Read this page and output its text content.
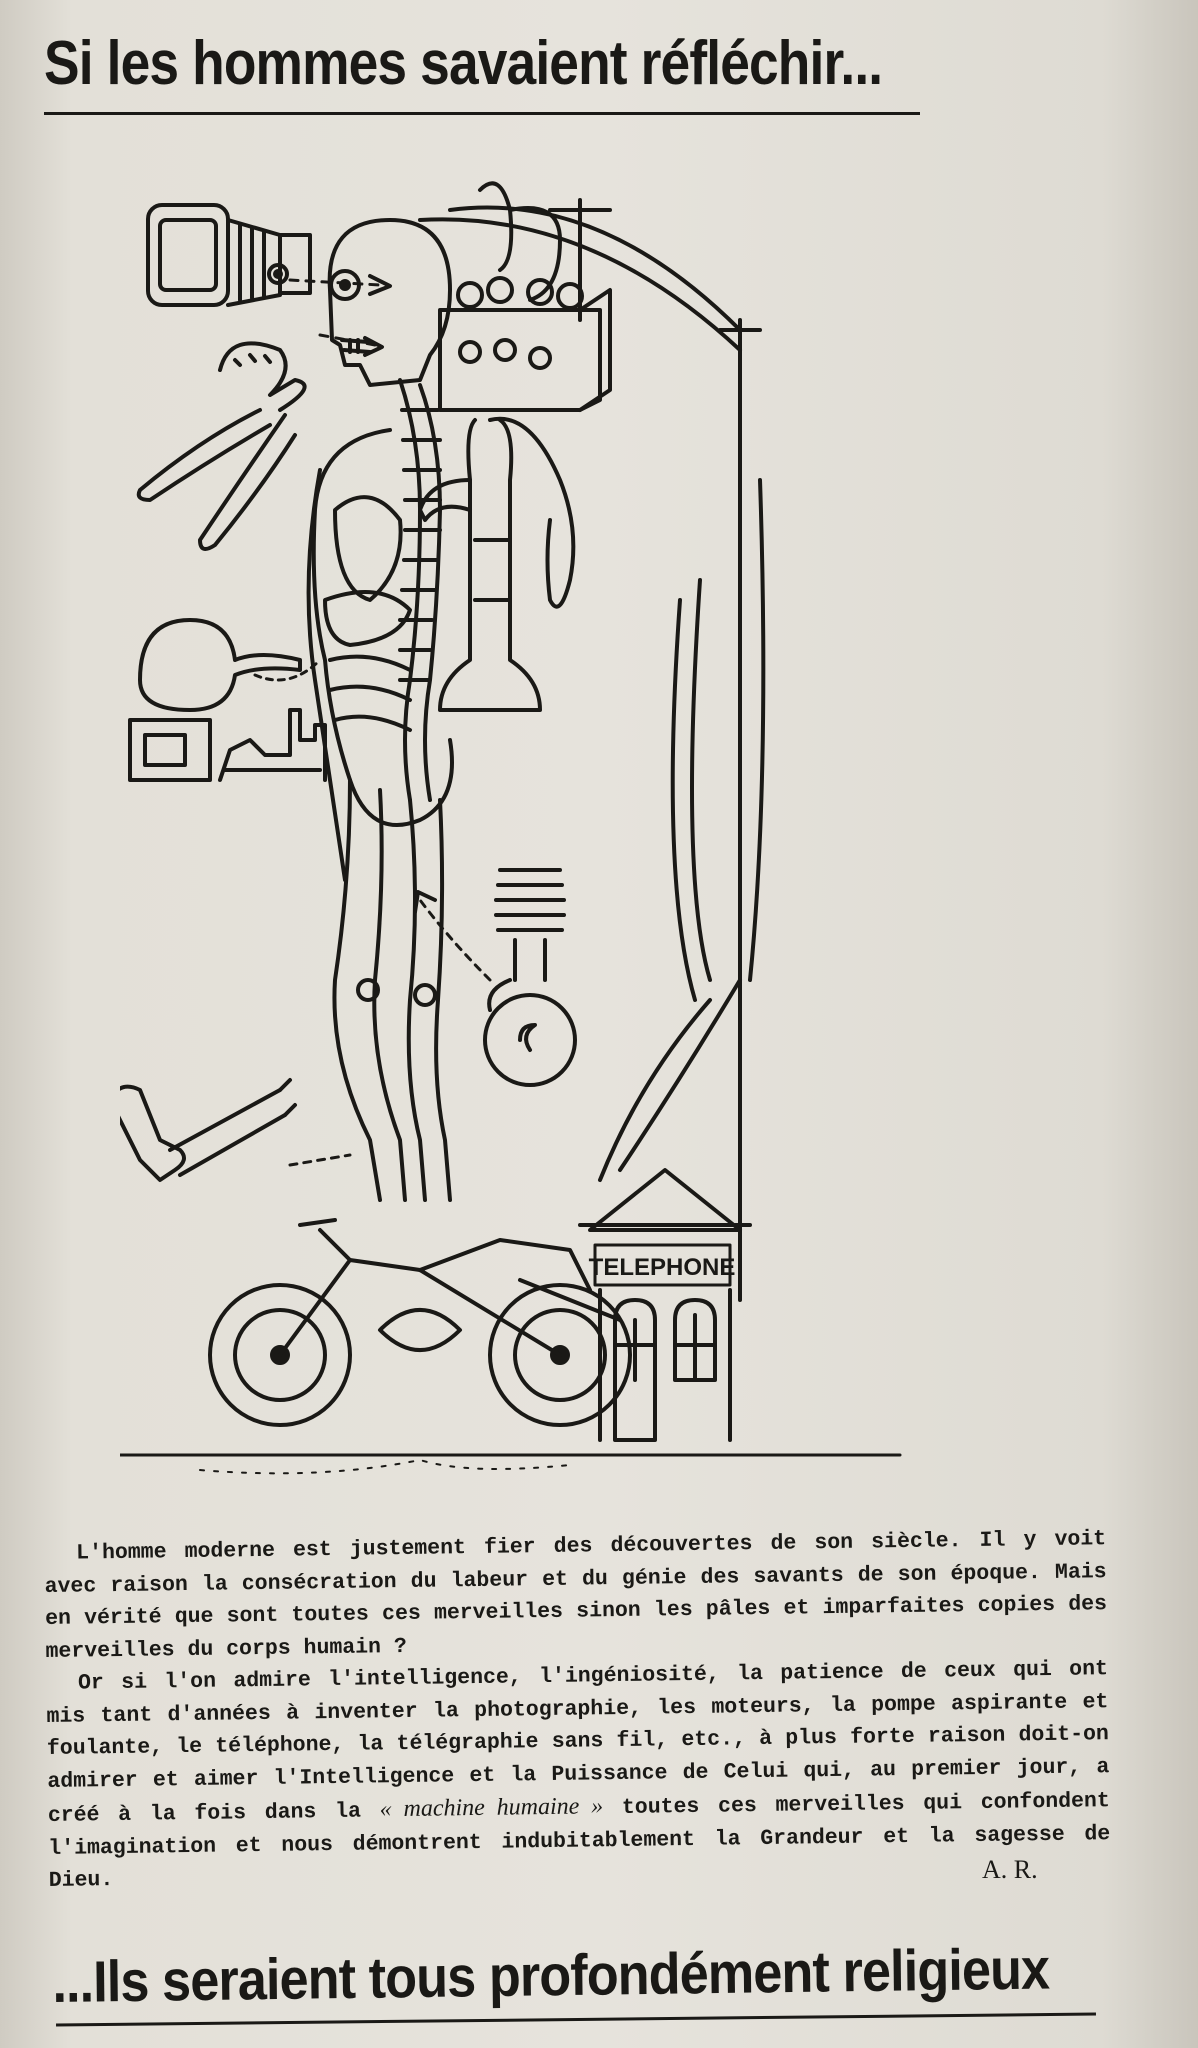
Si les hommes savaient réfléchir...
TELEPHONE

L'homme moderne est justement fier des découvertes de son siècle. Il y voit avec raison la consécration du labeur et du génie des savants de son époque. Mais en vérité que sont toutes ces merveilles sinon les pâles et imparfaites copies des merveilles du corps humain ?

Or si l'on admire l'intelligence, l'ingéniosité, la patience de ceux qui ont mis tant d'années à inventer la photographie, les moteurs, la pompe aspirante et foulante, le téléphone, la télégraphie sans fil, etc., à plus forte raison doit-on admirer et aimer l'Intelligence et la Puissance de Celui qui, au premier jour, a créé à la fois dans la « machine humaine » toutes ces merveilles qui confondent l'imagination et nous démontrent indubitablement la Grandeur et la sagesse de Dieu.	A. R.
...Ils seraient tous profondément religieux
